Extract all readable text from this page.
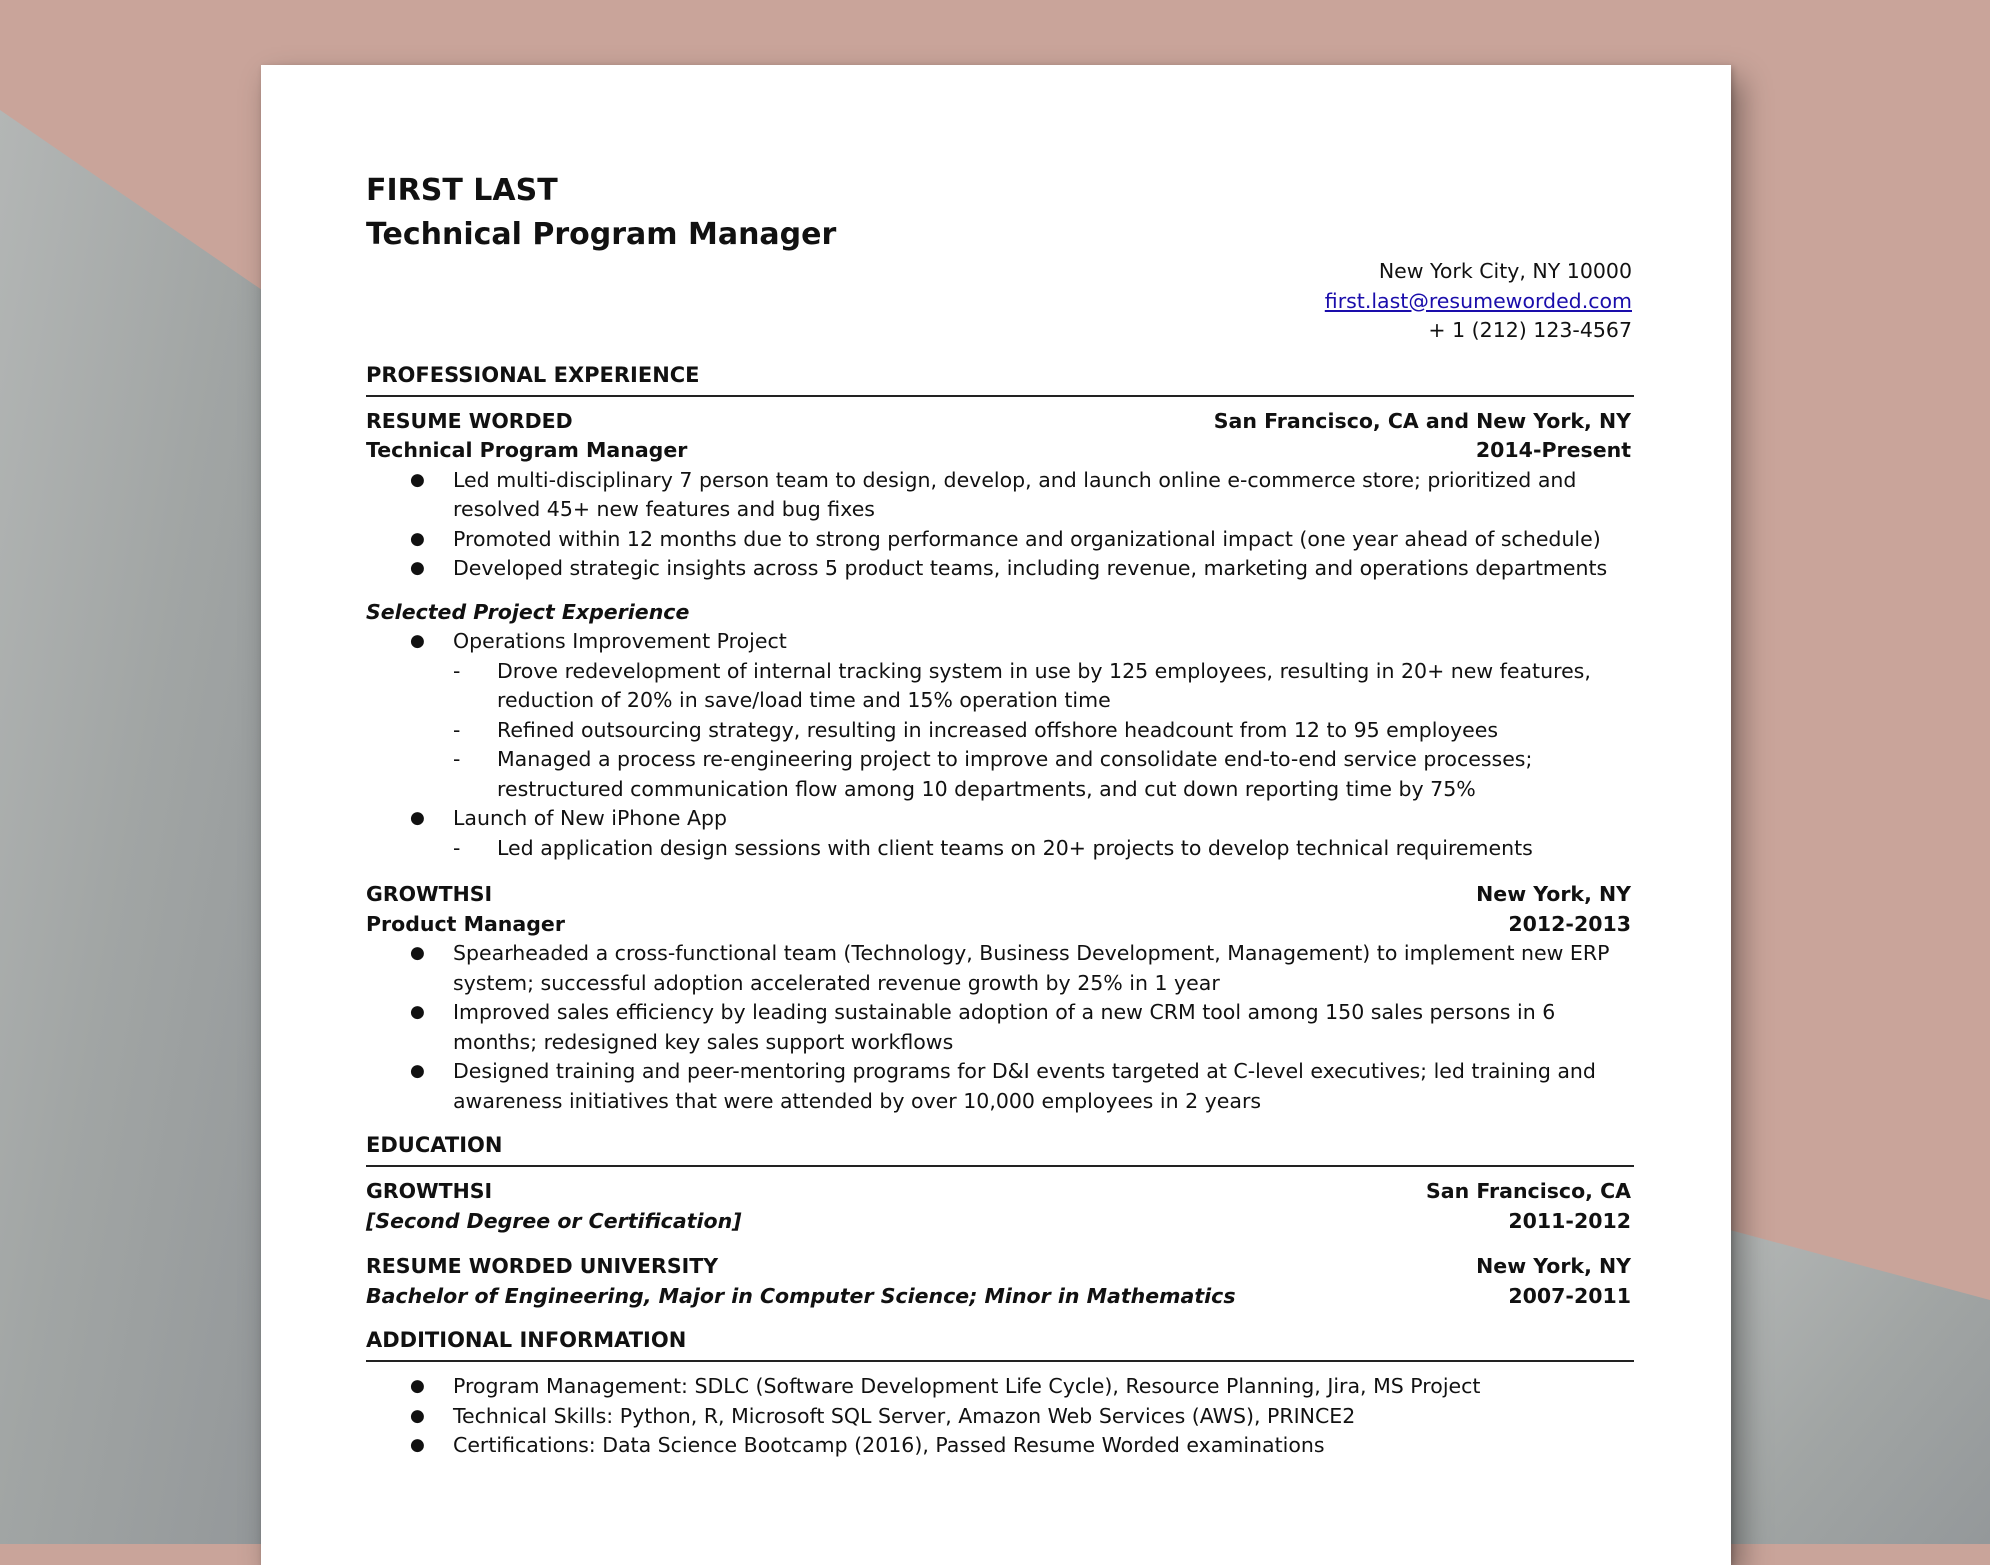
FIRST LAST
Technical Program Manager
New York City, NY 10000
first.last@resumeworded.com
+ 1 (212) 123-4567
PROFESSIONAL EXPERIENCE
RESUME WORDED	San Francisco, CA and New York, NY
Technical Program Manager	2014-Present
● Led multi-disciplinary 7 person team to design, develop, and launch online e-commerce store; prioritized and resolved 45+ new features and bug fixes
● Promoted within 12 months due to strong performance and organizational impact (one year ahead of schedule)
● Developed strategic insights across 5 product teams, including revenue, marketing and operations departments
Selected Project Experience
● Operations Improvement Project
- Drove redevelopment of internal tracking system in use by 125 employees, resulting in 20+ new features, reduction of 20% in save/load time and 15% operation time
- Refined outsourcing strategy, resulting in increased offshore headcount from 12 to 95 employees
- Managed a process re-engineering project to improve and consolidate end-to-end service processes; restructured communication flow among 10 departments, and cut down reporting time by 75%
● Launch of New iPhone App
- Led application design sessions with client teams on 20+ projects to develop technical requirements
GROWTHSI	New York, NY
Product Manager	2012-2013
● Spearheaded a cross-functional team (Technology, Business Development, Management) to implement new ERP system; successful adoption accelerated revenue growth by 25% in 1 year
● Improved sales efficiency by leading sustainable adoption of a new CRM tool among 150 sales persons in 6 months; redesigned key sales support workflows
● Designed training and peer-mentoring programs for D&I events targeted at C-level executives; led training and awareness initiatives that were attended by over 10,000 employees in 2 years
EDUCATION
GROWTHSI	San Francisco, CA
[Second Degree or Certification]	2011-2012
RESUME WORDED UNIVERSITY	New York, NY
Bachelor of Engineering, Major in Computer Science; Minor in Mathematics	2007-2011
ADDITIONAL INFORMATION
● Program Management: SDLC (Software Development Life Cycle), Resource Planning, Jira, MS Project
● Technical Skills: Python, R, Microsoft SQL Server, Amazon Web Services (AWS), PRINCE2
● Certifications: Data Science Bootcamp (2016), Passed Resume Worded examinations
